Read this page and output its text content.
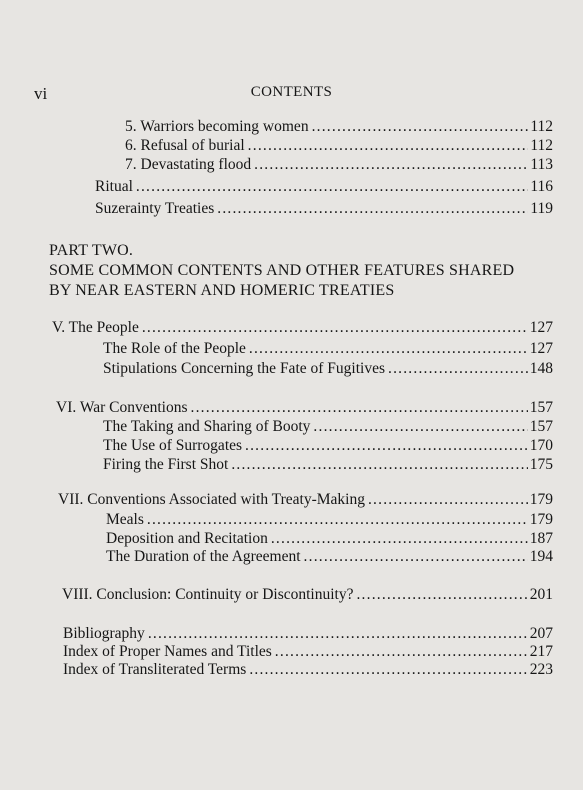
vi	CONTENTS
5. Warriors becoming women .....	112
6. Refusal of burial .....	112
7. Devastating flood .....	113
Ritual .....	116
Suzerainty Treaties .....	119
PART TWO.
SOME COMMON CONTENTS AND OTHER FEATURES SHARED
BY NEAR EASTERN AND HOMERIC TREATIES
V. The People .....	127
The Role of the People .....	127
Stipulations Concerning the Fate of Fugitives .....	148
VI. War Conventions .....	157
The Taking and Sharing of Booty .....	157
The Use of Surrogates .....	170
Firing the First Shot .....	175
VII. Conventions Associated with Treaty-Making .....	179
Meals .....	179
Deposition and Recitation .....	187
The Duration of the Agreement .....	194
VIII. Conclusion: Continuity or Discontinuity? .....	201
Bibliography .....	207
Index of Proper Names and Titles .....	217
Index of Transliterated Terms .....	223
